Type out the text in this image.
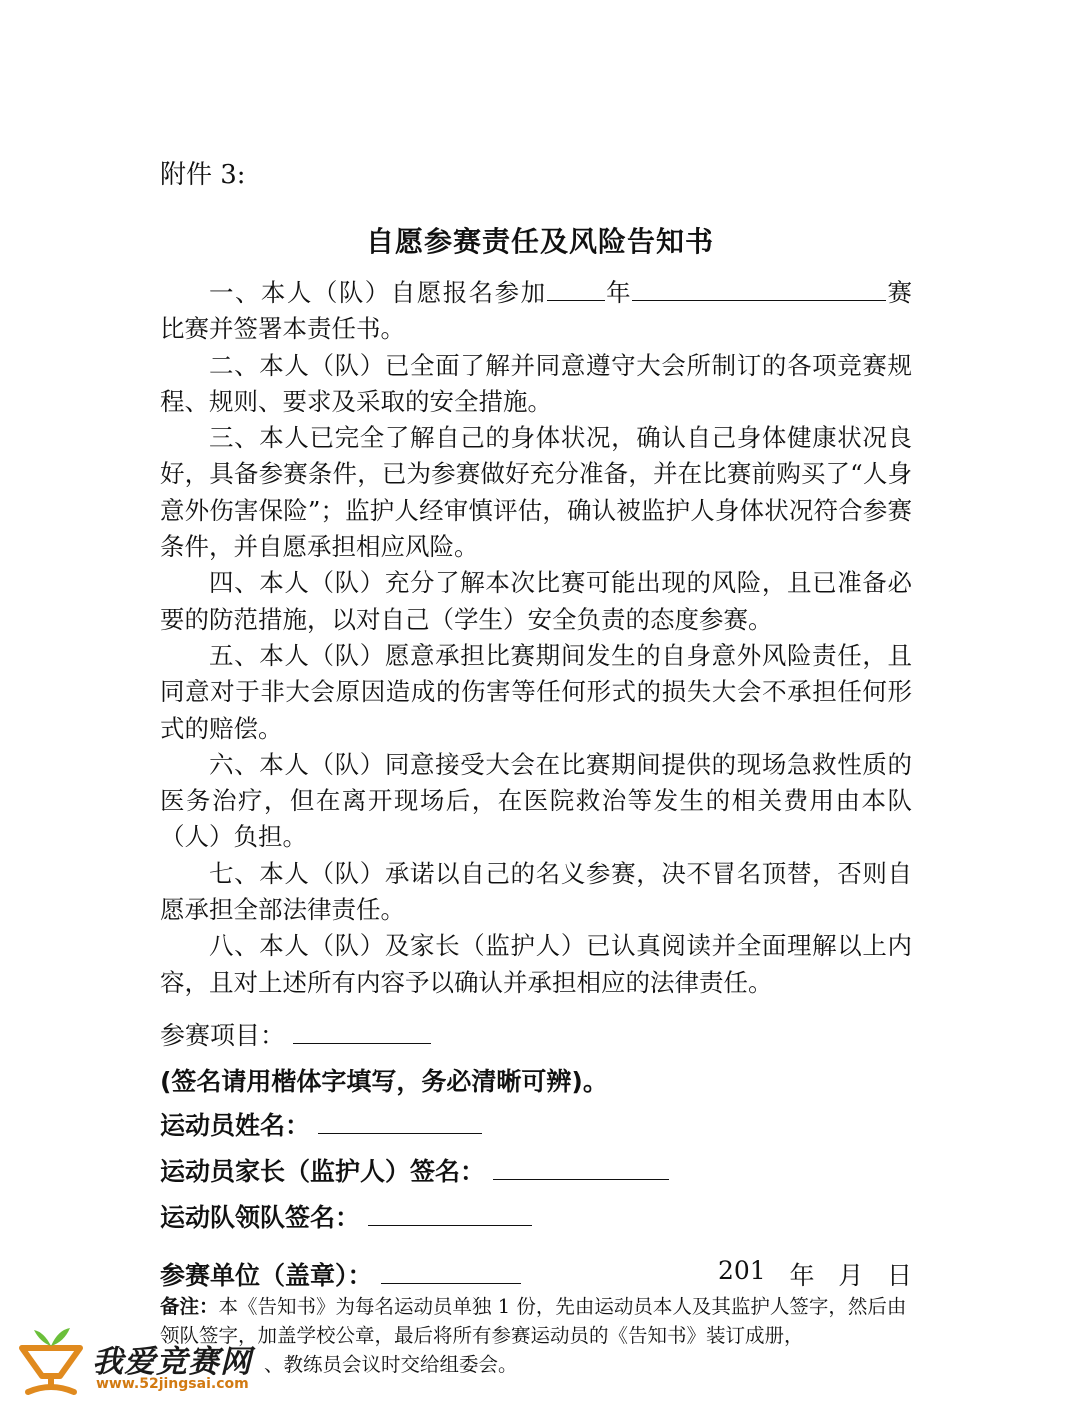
附件 3:
自愿参赛责任及风险告知书

一、本人（队）自愿报名参加 年	赛比赛并签署本责任书。

二、本人（队）已全面了解并同意遵守大会所制订的各项竞赛规程、规则、要求及采取的安全措施。

三、本人已完全了解自己的身体状况，确认自己身体健康状况良好，具备参赛条件，已为参赛做好充分准备，并在比赛前购买了“人身意外伤害保险”；监护人经审慎评估，确认被监护人身体状况符合参赛条件，并自愿承担相应风险。

四、本人（队）充分了解本次比赛可能出现的风险，且已准备必要的防范措施，以对自己（学生）安全负责的态度参赛。

五、本人（队）愿意承担比赛期间发生的自身意外风险责任，且同意对于非大会原因造成的伤害等任何形式的损失大会不承担任何形式的赔偿。

六、本人（队）同意接受大会在比赛期间提供的现场急救性质的医务治疗，但在离开现场后，在医院救治等发生的相关费用由本队（人）负担。

七、本人（队）承诺以自己的名义参赛，决不冒名顶替，否则自愿承担全部法律责任。

八、本人（队）及家长（监护人）已认真阅读并全面理解以上内容，且对上述所有内容予以确认并承担相应的法律责任。

参赛项目：
(签名请用楷体字填写，务必清晰可辨)。
运动员姓名：
运动员家长（监护人）签名：
运动队领队签名：
参赛单位（盖章）：	201 年 月 日
备注：本《告知书》为每名运动员单独 1 份，先由运动员本人及其监护人签字，然后由领队签字，加盖学校公章，最后将所有参赛运动员的《告知书》装订成册，
、教练员会议时交给组委会。
我爱竞赛网
www.52jingsai.com
